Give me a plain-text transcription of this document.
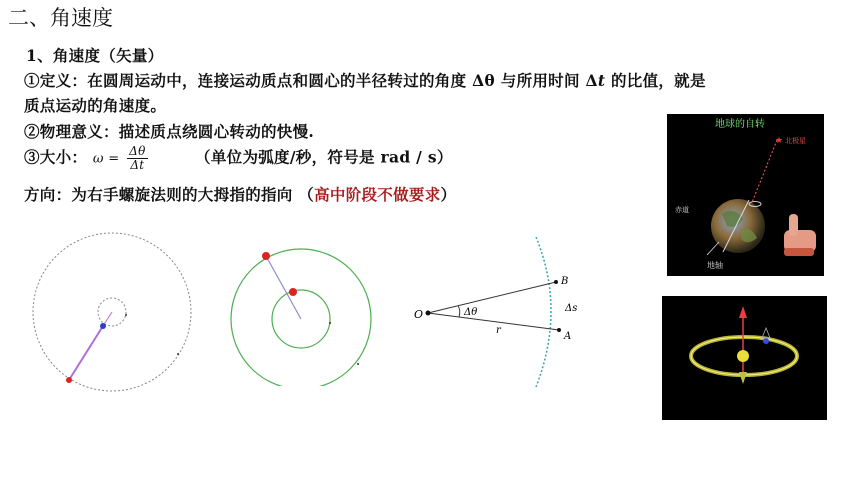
二、角速度
1、角速度（矢量）
①定义：在圆周运动中，连接运动质点和圆心的半径转过的角度 Δθ 与所用时间 Δt 的比值，就是
质点运动的角速度。
②物理意义：描述质点绕圆心转动的快慢.
③大小： $\omega = \frac{\Delta\theta}{\Delta t}$	（单位为弧度/秒，符号是 rad / s）
方向：为右手螺旋法则的大拇指的指向 （高中阶段不做要求）
O
B
A
Δθ
r
Δs
地球的自转
北极星
★
赤道
地轴
